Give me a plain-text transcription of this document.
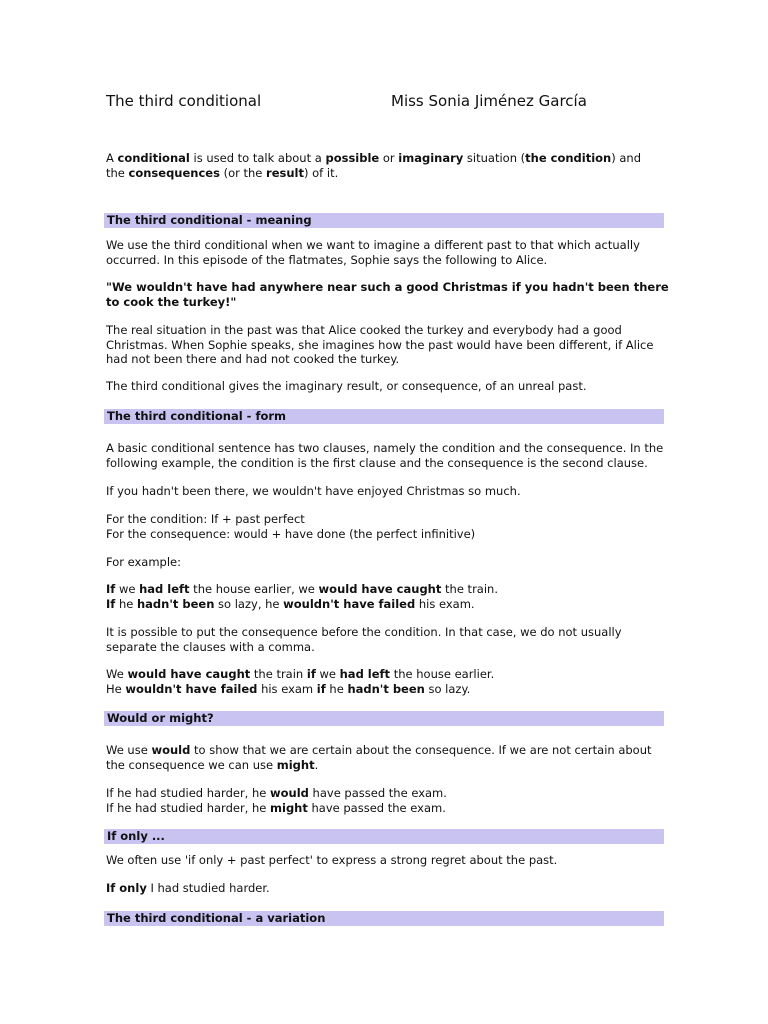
The third conditional	Miss Sonia Jiménez García

A conditional is used to talk about a possible or imaginary situation (the condition) and

the consequences (or the result) of it.

The third conditional - meaning

We use the third conditional when we want to imagine a different past to that which actually

occurred. In this episode of the flatmates, Sophie says the following to Alice.

"We wouldn't have had anywhere near such a good Christmas if you hadn't been there

to cook the turkey!"

The real situation in the past was that Alice cooked the turkey and everybody had a good

Christmas. When Sophie speaks, she imagines how the past would have been different, if Alice

had not been there and had not cooked the turkey.

The third conditional gives the imaginary result, or consequence, of an unreal past.

The third conditional - form

A basic conditional sentence has two clauses, namely the condition and the consequence. In the

following example, the condition is the first clause and the consequence is the second clause.

If you hadn't been there, we wouldn't have enjoyed Christmas so much.

For the condition: If + past perfect

For the consequence: would + have done (the perfect infinitive)

For example:

If we had left the house earlier, we would have caught the train.

If he hadn't been so lazy, he wouldn't have failed his exam.

It is possible to put the consequence before the condition. In that case, we do not usually

separate the clauses with a comma.

We would have caught the train if we had left the house earlier.

He wouldn't have failed his exam if he hadn't been so lazy.

Would or might?

We use would to show that we are certain about the consequence. If we are not certain about

the consequence we can use might.

If he had studied harder, he would have passed the exam.

If he had studied harder, he might have passed the exam.

If only ...

We often use 'if only + past perfect' to express a strong regret about the past.

If only I had studied harder.

The third conditional - a variation
